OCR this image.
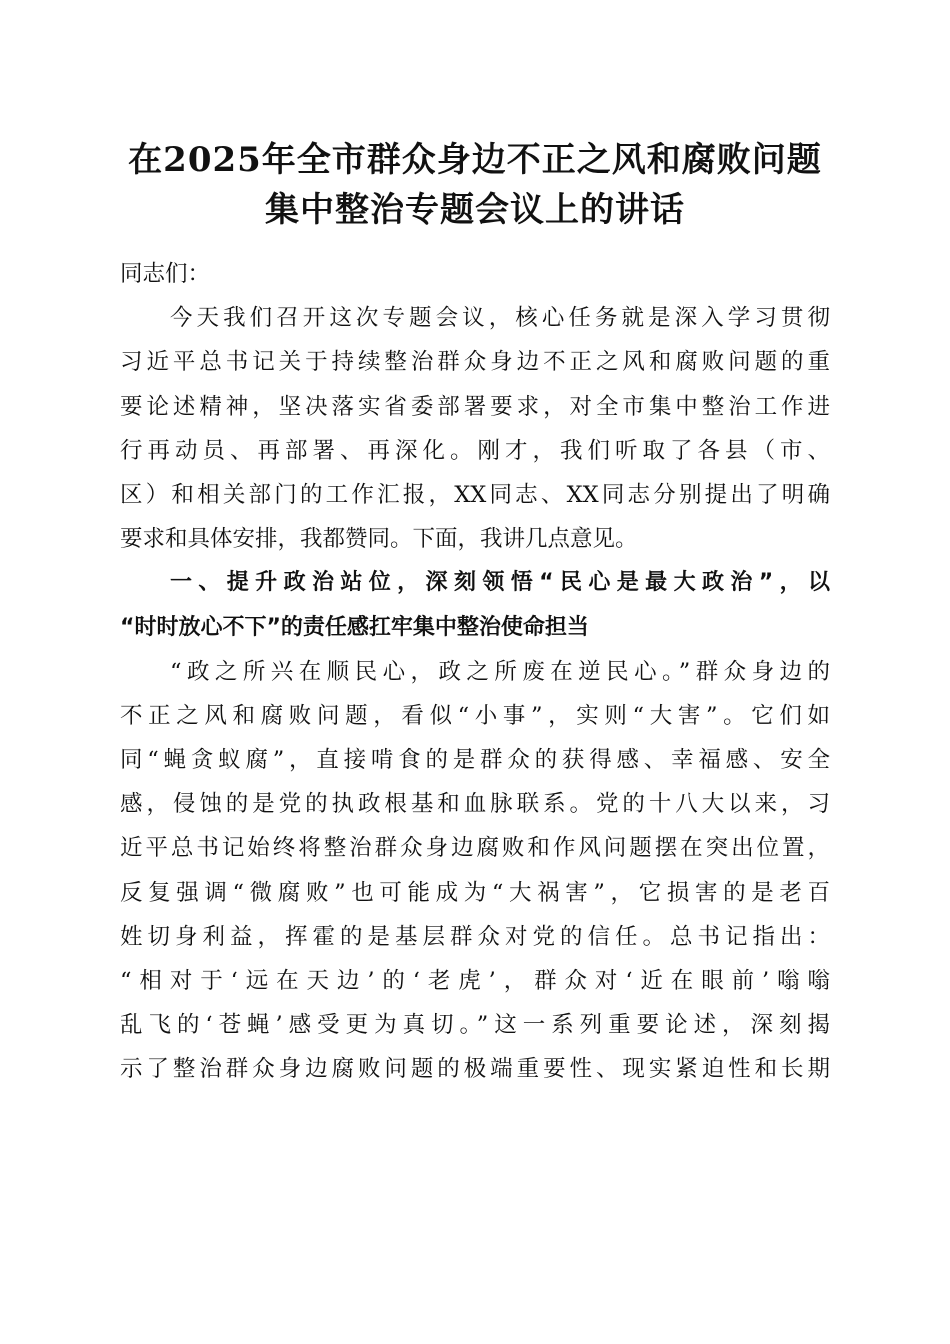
在2025年全市群众身边不正之风和腐败问题
集中整治专题会议上的讲话
同志们：
今天我们召开这次专题会议，核心任务就是深入学习贯彻
习近平总书记关于持续整治群众身边不正之风和腐败问题的重
要论述精神，坚决落实省委部署要求，对全市集中整治工作进
行再动员、再部署、再深化。刚才，我们听取了各县（市、
区）和相关部门的工作汇报，XX同志、XX同志分别提出了明确
要求和具体安排，我都赞同。下面，我讲几点意见。
一、提升政治站位，深刻领悟“民心是最大政治”，以
“时时放心不下”的责任感扛牢集中整治使命担当
“政之所兴在顺民心，政之所废在逆民心。”群众身边的
不正之风和腐败问题，看似“小事”，实则“大害”。它们如
同“蝇贪蚁腐”，直接啃食的是群众的获得感、幸福感、安全
感，侵蚀的是党的执政根基和血脉联系。党的十八大以来，习
近平总书记始终将整治群众身边腐败和作风问题摆在突出位置，
反复强调“微腐败”也可能成为“大祸害”，它损害的是老百
姓切身利益，挥霍的是基层群众对党的信任。总书记指出：
“相对于‘远在天边’的‘老虎’，群众对‘近在眼前’嗡嗡
乱飞的‘苍蝇’感受更为真切。”这一系列重要论述，深刻揭
示了整治群众身边腐败问题的极端重要性、现实紧迫性和长期
